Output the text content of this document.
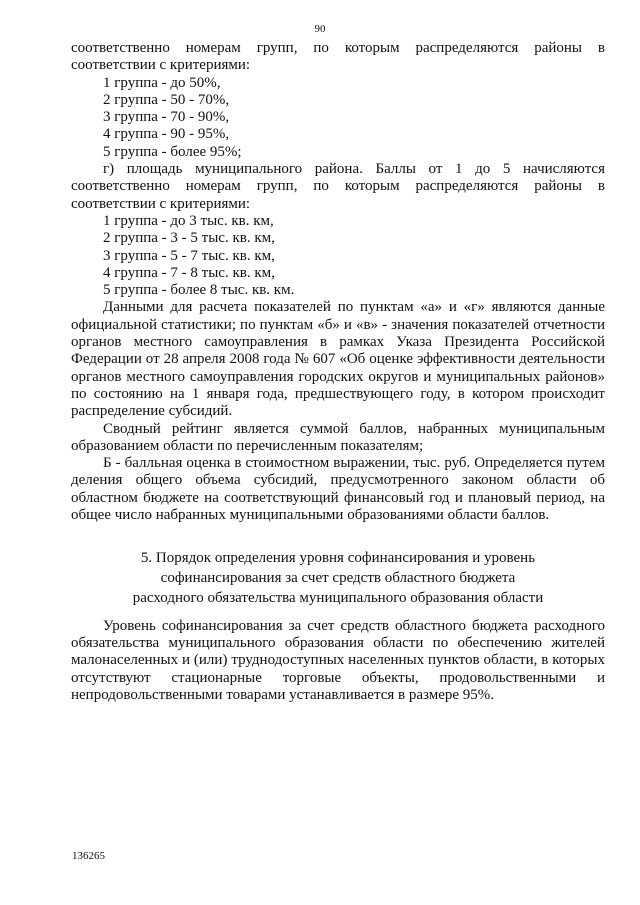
90

соответственно номерам групп, по которым распределяются районы в соответствии с критериями:

1 группа - до 50%,
2 группа - 50 - 70%,
3 группа - 70 - 90%,
4 группа - 90 - 95%,
5 группа - более 95%;

г) площадь муниципального района. Баллы от 1 до 5 начисляются соответственно номерам групп, по которым распределяются районы в соответствии с критериями:

1 группа - до 3 тыс. кв. км,
2 группа - 3 - 5 тыс. кв. км,
3 группа - 5 - 7 тыс. кв. км,
4 группа - 7 - 8 тыс. кв. км,
5 группа - более 8 тыс. кв. км.

Данными для расчета показателей по пунктам «а» и «г» являются данные официальной статистики; по пунктам «б» и «в» - значения показателей отчетности органов местного самоуправления в рамках Указа Президента Российской Федерации от 28 апреля 2008 года № 607 «Об оценке эффективности деятельности органов местного самоуправления городских округов и муниципальных районов» по состоянию на 1 января года, предшествующего году, в котором происходит распределение субсидий.

Сводный рейтинг является суммой баллов, набранных муниципальным образованием области по перечисленным показателям;

Б - балльная оценка в стоимостном выражении, тыс. руб. Определяется путем деления общего объема субсидий, предусмотренного законом области об областном бюджете на соответствующий финансовый год и плановый период, на общее число набранных муниципальными образованиями области баллов.

5. Порядок определения уровня софинансирования и уровень
софинансирования за счет средств областного бюджета
расходного обязательства муниципального образования области

Уровень софинансирования за счет средств областного бюджета расходного обязательства муниципального образования области по обеспечению жителей малонаселенных и (или) труднодоступных населенных пунктов области, в которых отсутствуют стационарные торговые объекты, продовольственными и непродовольственными товарами устанавливается в размере 95%.

136265
